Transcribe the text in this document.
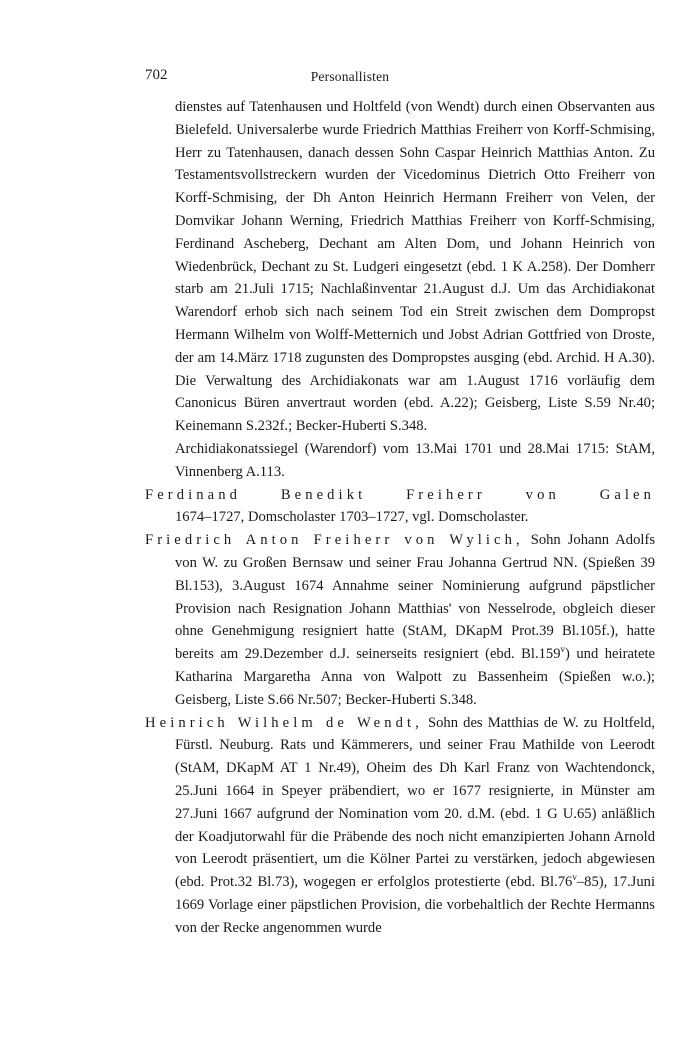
702	Personallisten

dienstes auf Tatenhausen und Holtfeld (von Wendt) durch einen Observanten aus Bielefeld. Universalerbe wurde Friedrich Matthias Freiherr von Korff-Schmising, Herr zu Tatenhausen, danach dessen Sohn Caspar Heinrich Matthias Anton. Zu Testamentsvollstreckern wurden der Vicedominus Dietrich Otto Freiherr von Korff-Schmising, der Dh Anton Heinrich Hermann Freiherr von Velen, der Domvikar Johann Werning, Friedrich Matthias Freiherr von Korff-Schmising, Ferdinand Ascheberg, Dechant am Alten Dom, und Johann Heinrich von Wiedenbrück, Dechant zu St. Ludgeri eingesetzt (ebd. 1 K A.258). Der Domherr starb am 21.Juli 1715; Nachlaßinventar 21.August d.J. Um das Archidiakonat Warendorf erhob sich nach seinem Tod ein Streit zwischen dem Dompropst Hermann Wilhelm von Wolff-Metternich und Jobst Adrian Gottfried von Droste, der am 14.März 1718 zugunsten des Dompropstes ausging (ebd. Archid. H A.30). Die Verwaltung des Archidiakonats war am 1.August 1716 vorläufig dem Canonicus Büren anvertraut worden (ebd. A.22); Geisberg, Liste S.59 Nr.40; Keinemann S.232f.; Becker-Huberti S.348.

Archidiakonatssiegel (Warendorf) vom 13.Mai 1701 und 28.Mai 1715: StAM, Vinnenberg A.113.

Ferdinand Benedikt Freiherr von Galen

1674–1727, Domscholaster 1703–1727, vgl. Domscholaster.

Friedrich Anton Freiherr von Wylich, Sohn Johann Adolfs von W. zu Großen Bernsaw und seiner Frau Johanna Gertrud NN. (Spießen 39 Bl.153), 3.August 1674 Annahme seiner Nominierung aufgrund päpstlicher Provision nach Resignation Johann Matthias' von Nesselrode, obgleich dieser ohne Genehmigung resigniert hatte (StAM, DKapM Prot.39 Bl.105f.), hatte bereits am 29.Dezember d.J. seinerseits resigniert (ebd. Bl.159$^v$) und heiratete Katharina Margaretha Anna von Walpott zu Bassenheim (Spießen w.o.); Geisberg, Liste S.66 Nr.507; Becker-Huberti S.348.

Heinrich Wilhelm de Wendt, Sohn des Matthias de W. zu Holtfeld, Fürstl. Neuburg. Rats und Kämmerers, und seiner Frau Mathilde von Leerodt (StAM, DKapM AT 1 Nr.49), Oheim des Dh Karl Franz von Wachtendonck, 25.Juni 1664 in Speyer präbendiert, wo er 1677 resignierte, in Münster am 27.Juni 1667 aufgrund der Nomination vom 20. d.M. (ebd. 1 G U.65) anläßlich der Koadjutorwahl für die Präbende des noch nicht emanzipierten Johann Arnold von Leerodt präsentiert, um die Kölner Partei zu verstärken, jedoch abgewiesen (ebd. Prot.32 Bl.73), wogegen er erfolglos protestierte (ebd. Bl.76$^v$–85), 17.Juni 1669 Vorlage einer päpstlichen Provision, die vorbehaltlich der Rechte Hermanns von der Recke angenommen wurde
